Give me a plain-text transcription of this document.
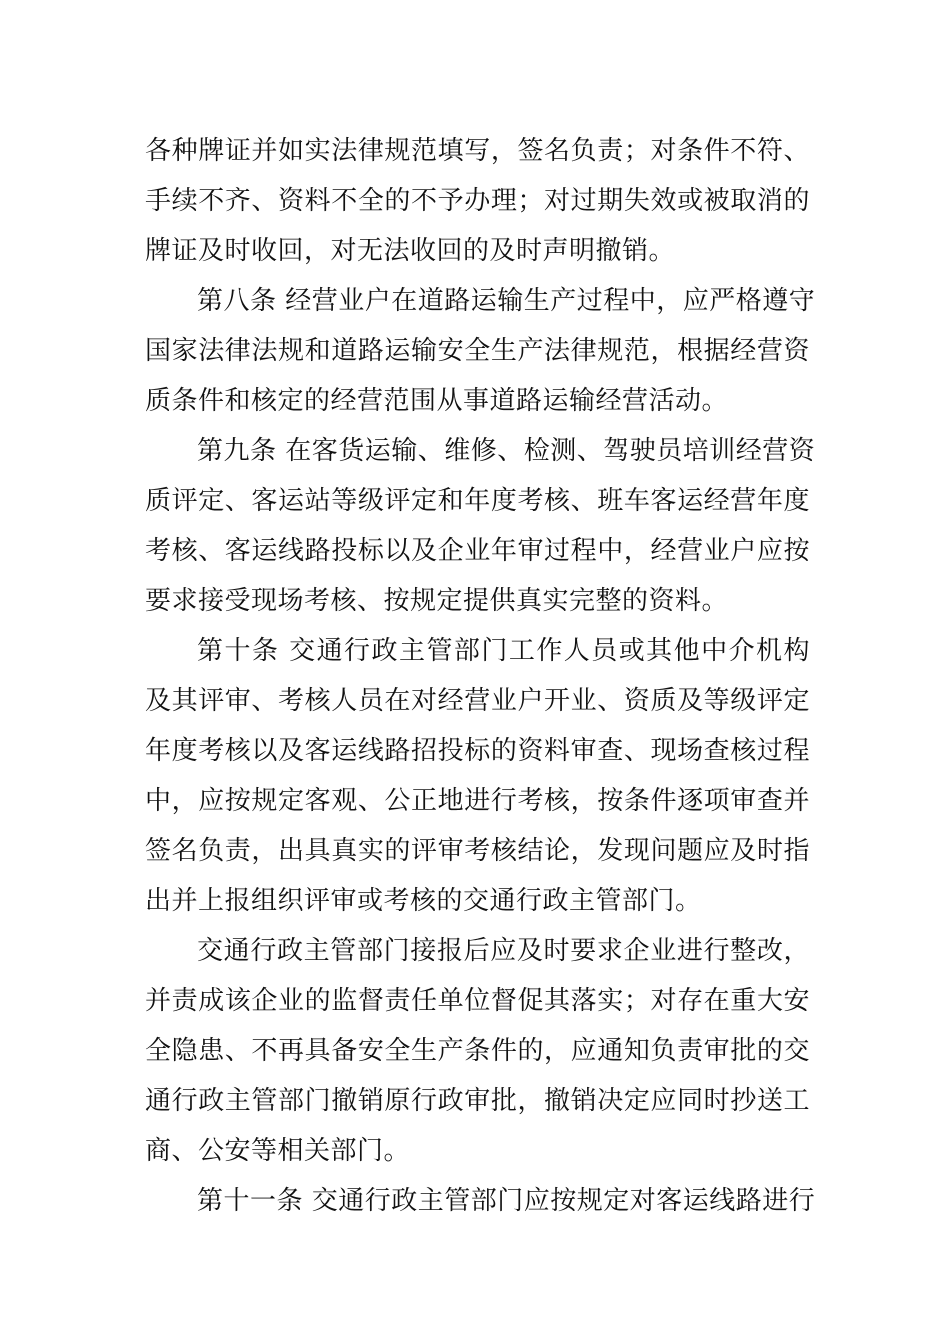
各种牌证并如实法律规范填写，签名负责；对条件不符、
手续不齐、资料不全的不予办理；对过期失效或被取消的
牌证及时收回，对无法收回的及时声明撤销。
第八条 经营业户在道路运输生产过程中，应严格遵守
国家法律法规和道路运输安全生产法律规范，根据经营资
质条件和核定的经营范围从事道路运输经营活动。
第九条 在客货运输、维修、检测、驾驶员培训经营资
质评定、客运站等级评定和年度考核、班车客运经营年度
考核、客运线路投标以及企业年审过程中，经营业户应按
要求接受现场考核、按规定提供真实完整的资料。
第十条 交通行政主管部门工作人员或其他中介机构
及其评审、考核人员在对经营业户开业、资质及等级评定
年度考核以及客运线路招投标的资料审查、现场查核过程
中，应按规定客观、公正地进行考核，按条件逐项审查并
签名负责，出具真实的评审考核结论，发现问题应及时指
出并上报组织评审或考核的交通行政主管部门。
交通行政主管部门接报后应及时要求企业进行整改，
并责成该企业的监督责任单位督促其落实；对存在重大安
全隐患、不再具备安全生产条件的，应通知负责审批的交
通行政主管部门撤销原行政审批，撤销决定应同时抄送工
商、公安等相关部门。
第十一条 交通行政主管部门应按规定对客运线路进行
